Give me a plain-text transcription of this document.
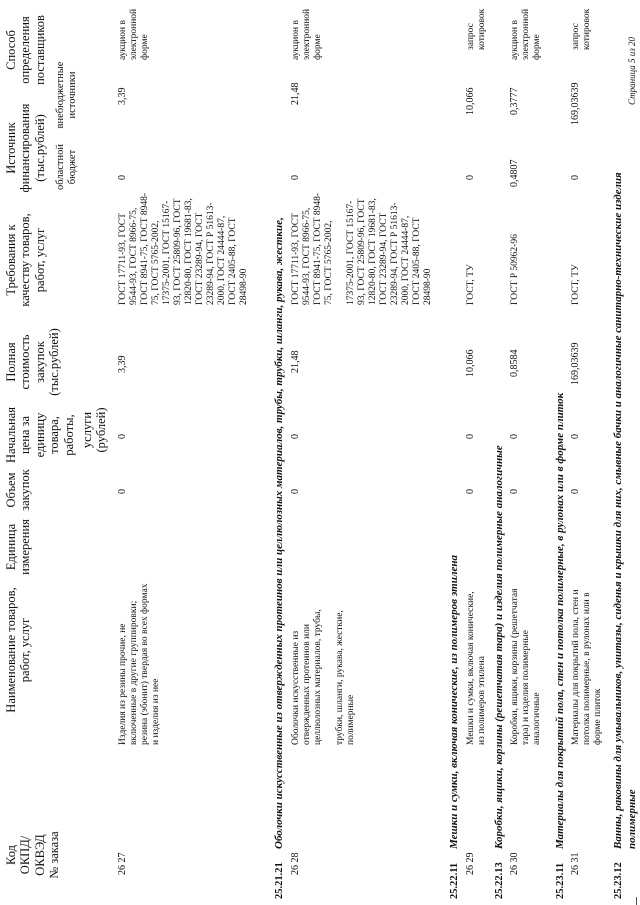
Код
ОКПД/
ОКВЭД
№ заказа
Наименование товаров,
работ, услуг
Единица
измерения
Объем
закупок
Начальная
цена за
единицу
товара,
работы, услуги
(рублей)
Полная
стоимость
закупок
(тыс.рублей)
Требования к
качеству товаров,
работ, услуг
Источник
финансирования
(тыс.рублей) областной
бюджет
внебюджетные
источники
Способ
определения
поставщиков
26 27
Изделия из резины прочие, не
включенные в другие группировки;
резина (эбонит) твердая во всех формах
и изделия из нее
0
0
3,39
ГОСТ 17711-93, ГОСТ
9544-93, ГОСТ 8966-75,
ГОСТ 8941-75, ГОСТ 8948-
75, ГОСТ 5765-2002,
17375-2001, ГОСТ 15167-
93, ГОСТ 25809-96, ГОСТ
12820-80, ГОСТ 19681-83,
ГОСТ 23289-94, ГОСТ
23289-94, ГОСТ Р 51613-
2000, ГОСТ 24444-87,
ГОСТ 2405-88, ГОСТ
28498-90
0
3,39
аукцион в
электронной
форме
25.21.21
Оболочки искусственные из отвержденных протеинов или целлюлозных материалов, трубы, трубки, шланги, рукава, жесткие,
26 28
Оболочки искусственные из
отвержденных протеинов или
целлюлозных материалов, трубы,

трубки, шланги, рукава, жесткие,
полимерные
0
0
21,48
ГОСТ 17711-93, ГОСТ
9544-93, ГОСТ 8966-75,
ГОСТ 8941-75, ГОСТ 8948-
75, ГОСТ 5765-2002,

17375-2001, ГОСТ 15167-
93, ГОСТ 25809-96, ГОСТ
12820-80, ГОСТ 19681-83,
ГОСТ 23289-94, ГОСТ
23289-94, ГОСТ Р 51613-
2000, ГОСТ 24444-87,
ГОСТ 2405-88, ГОСТ
28498-90
0
21,48
аукцион в
электронной
форме
25.22.11
Мешки и сумки, включая конические, из полимеров этилена
26 29
Мешки и сумки, включая конические,
из полимеров этилена
0
0
10,066
ГОСТ, ТУ
0
10,066
запрос
котировок
25.22.13
Коробки, ящики, корзины (решетчатая тара) и изделия полимерные аналогичные
26 30
Коробки, ящики, корзины (решетчатая
тара) и изделия полимерные
аналогичные
0
0
0,8584
ГОСТ Р 50962-96
0,4807
0,3777
аукцион в
электронной
форме
25.23.11
Материалы для покрытий пола, стен и потолка полимерные, в рулонах или в форме плиток
26 31
Материалы для покрытий пола, стен и
потолка полимерные, в рулонах или в
форме плиток
0
0
169,03639
ГОСТ, ТУ
0
169,03639
запрос
котировок
25.23.12
Ванны, раковины для умывальников, унитазы, сиденья и крышки для них, смывные бачки и аналогичные санитарно-технические изделия полимерные
Страница 5 из 20
